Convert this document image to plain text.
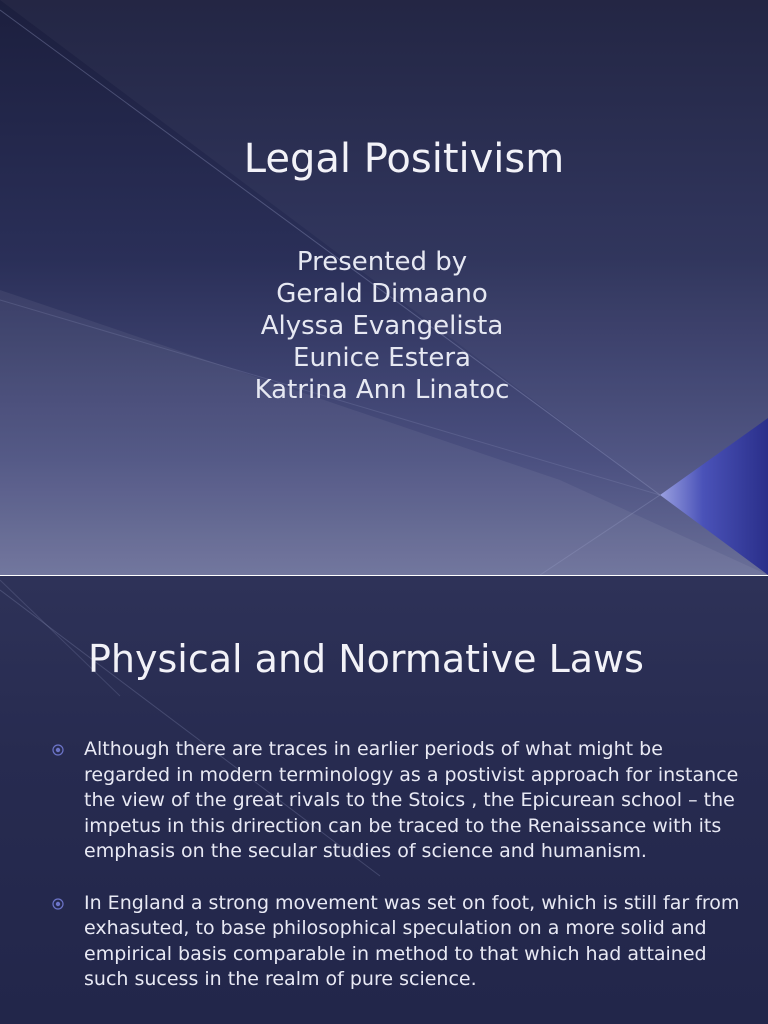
Legal Positivism
Presented by
Gerald Dimaano
Alyssa Evangelista
Eunice Estera
Katrina Ann Linatoc
Physical and Normative Laws
Although there are traces in earlier periods of what might be regarded in modern terminology as a postivist approach for instance the view of the great rivals to the Stoics , the Epicurean school – the impetus in this drirection can be traced to the Renaissance with its emphasis on the secular studies of science and humanism.
In England a strong movement was set on foot, which is still far from exhasuted, to base philosophical speculation on a more solid and empirical basis comparable in method to that which had attained such sucess in the realm of pure science.
